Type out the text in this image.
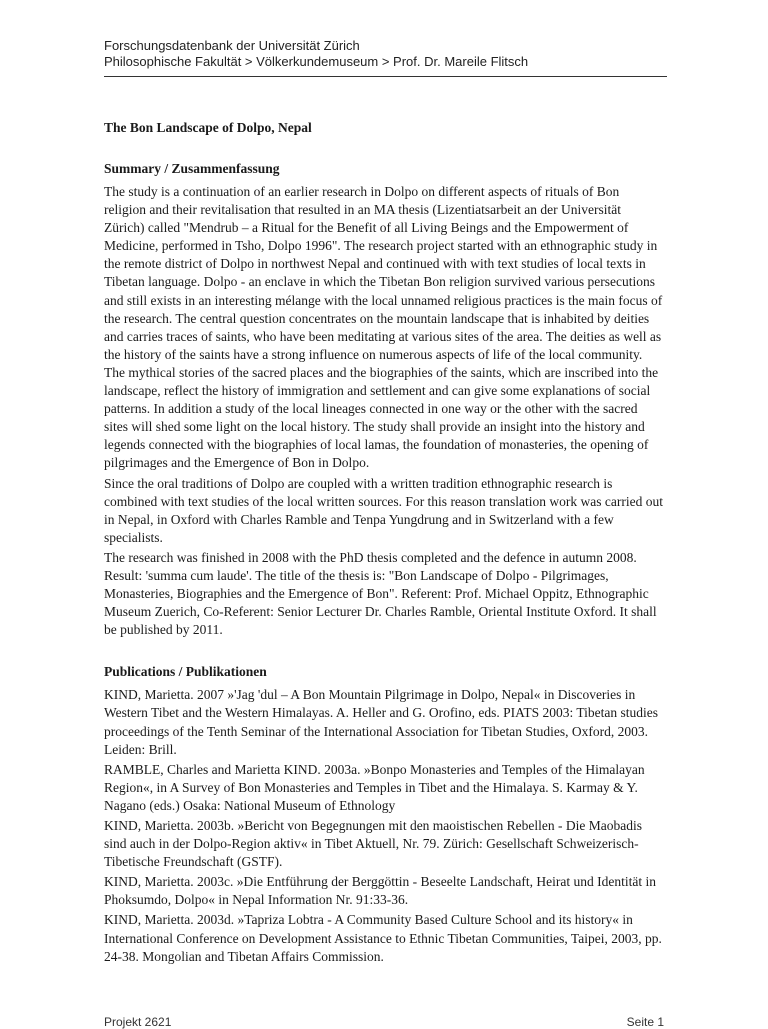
Forschungsdatenbank der Universität Zürich
Philosophische Fakultät > Völkerkundemuseum > Prof. Dr. Mareile Flitsch
The Bon Landscape of Dolpo, Nepal
Summary / Zusammenfassung

The study is a continuation of an earlier research in Dolpo on different aspects of rituals of Bon religion and their revitalisation that resulted in an MA thesis (Lizentiatsarbeit an der Universität Zürich) called "Mendrub – a Ritual for the Benefit of all Living Beings and the Empowerment of Medicine, performed in Tsho, Dolpo 1996". The research project started with an ethnographic study in the remote district of Dolpo in northwest Nepal and continued with with text studies of local texts in Tibetan language. Dolpo - an enclave in which the Tibetan Bon religion survived various persecutions and still exists in an interesting mélange with the local unnamed religious practices is the main focus of the research. The central question concentrates on the mountain landscape that is inhabited by deities and carries traces of saints, who have been meditating at various sites of the area. The deities as well as the history of the saints have a strong influence on numerous aspects of life of the local community. The mythical stories of the sacred places and the biographies of the saints, which are inscribed into the landscape, reflect the history of immigration and settlement and can give some explanations of social patterns. In addition a study of the local lineages connected in one way or the other with the sacred sites will shed some light on the local history. The study shall provide an insight into the history and legends connected with the biographies of local lamas, the foundation of monasteries, the opening of pilgrimages and the Emergence of Bon in Dolpo.

Since the oral traditions of Dolpo are coupled with a written tradition ethnographic research is combined with text studies of the local written sources. For this reason translation work was carried out in Nepal, in Oxford with Charles Ramble and Tenpa Yungdrung and in Switzerland with a few specialists.

The research was finished in 2008 with the PhD thesis completed and the defence in autumn 2008. Result: 'summa cum laude'. The title of the thesis is: "Bon Landscape of Dolpo - Pilgrimages, Monasteries, Biographies and the Emergence of Bon". Referent: Prof. Michael Oppitz, Ethnographic Museum Zuerich, Co-Referent: Senior Lecturer Dr. Charles Ramble, Oriental Institute Oxford. It shall be published by 2011.

Publications / Publikationen

KIND, Marietta. 2007 »'Jag 'dul – A Bon Mountain Pilgrimage in Dolpo, Nepal« in Discoveries in Western Tibet and the Western Himalayas. A. Heller and G. Orofino, eds. PIATS 2003: Tibetan studies proceedings of the Tenth Seminar of the International Association for Tibetan Studies, Oxford, 2003. Leiden: Brill.

RAMBLE, Charles and Marietta KIND. 2003a. »Bonpo Monasteries and Temples of the Himalayan Region«, in A Survey of Bon Monasteries and Temples in Tibet and the Himalaya. S. Karmay & Y. Nagano (eds.) Osaka: National Museum of Ethnology

KIND, Marietta. 2003b. »Bericht von Begegnungen mit den maoistischen Rebellen - Die Maobadis sind auch in der Dolpo-Region aktiv« in Tibet Aktuell, Nr. 79. Zürich: Gesellschaft Schweizerisch-Tibetische Freundschaft (GSTF).

KIND, Marietta. 2003c. »Die Entführung der Berggöttin - Beseelte Landschaft, Heirat und Identität in Phoksumdo, Dolpo« in Nepal Information Nr. 91:33-36.

KIND, Marietta. 2003d. »Tapriza Lobtra - A Community Based Culture School and its history« in International Conference on Development Assistance to Ethnic Tibetan Communities, Taipei, 2003, pp. 24-38. Mongolian and Tibetan Affairs Commission.

Projekt 2621	Seite 1
